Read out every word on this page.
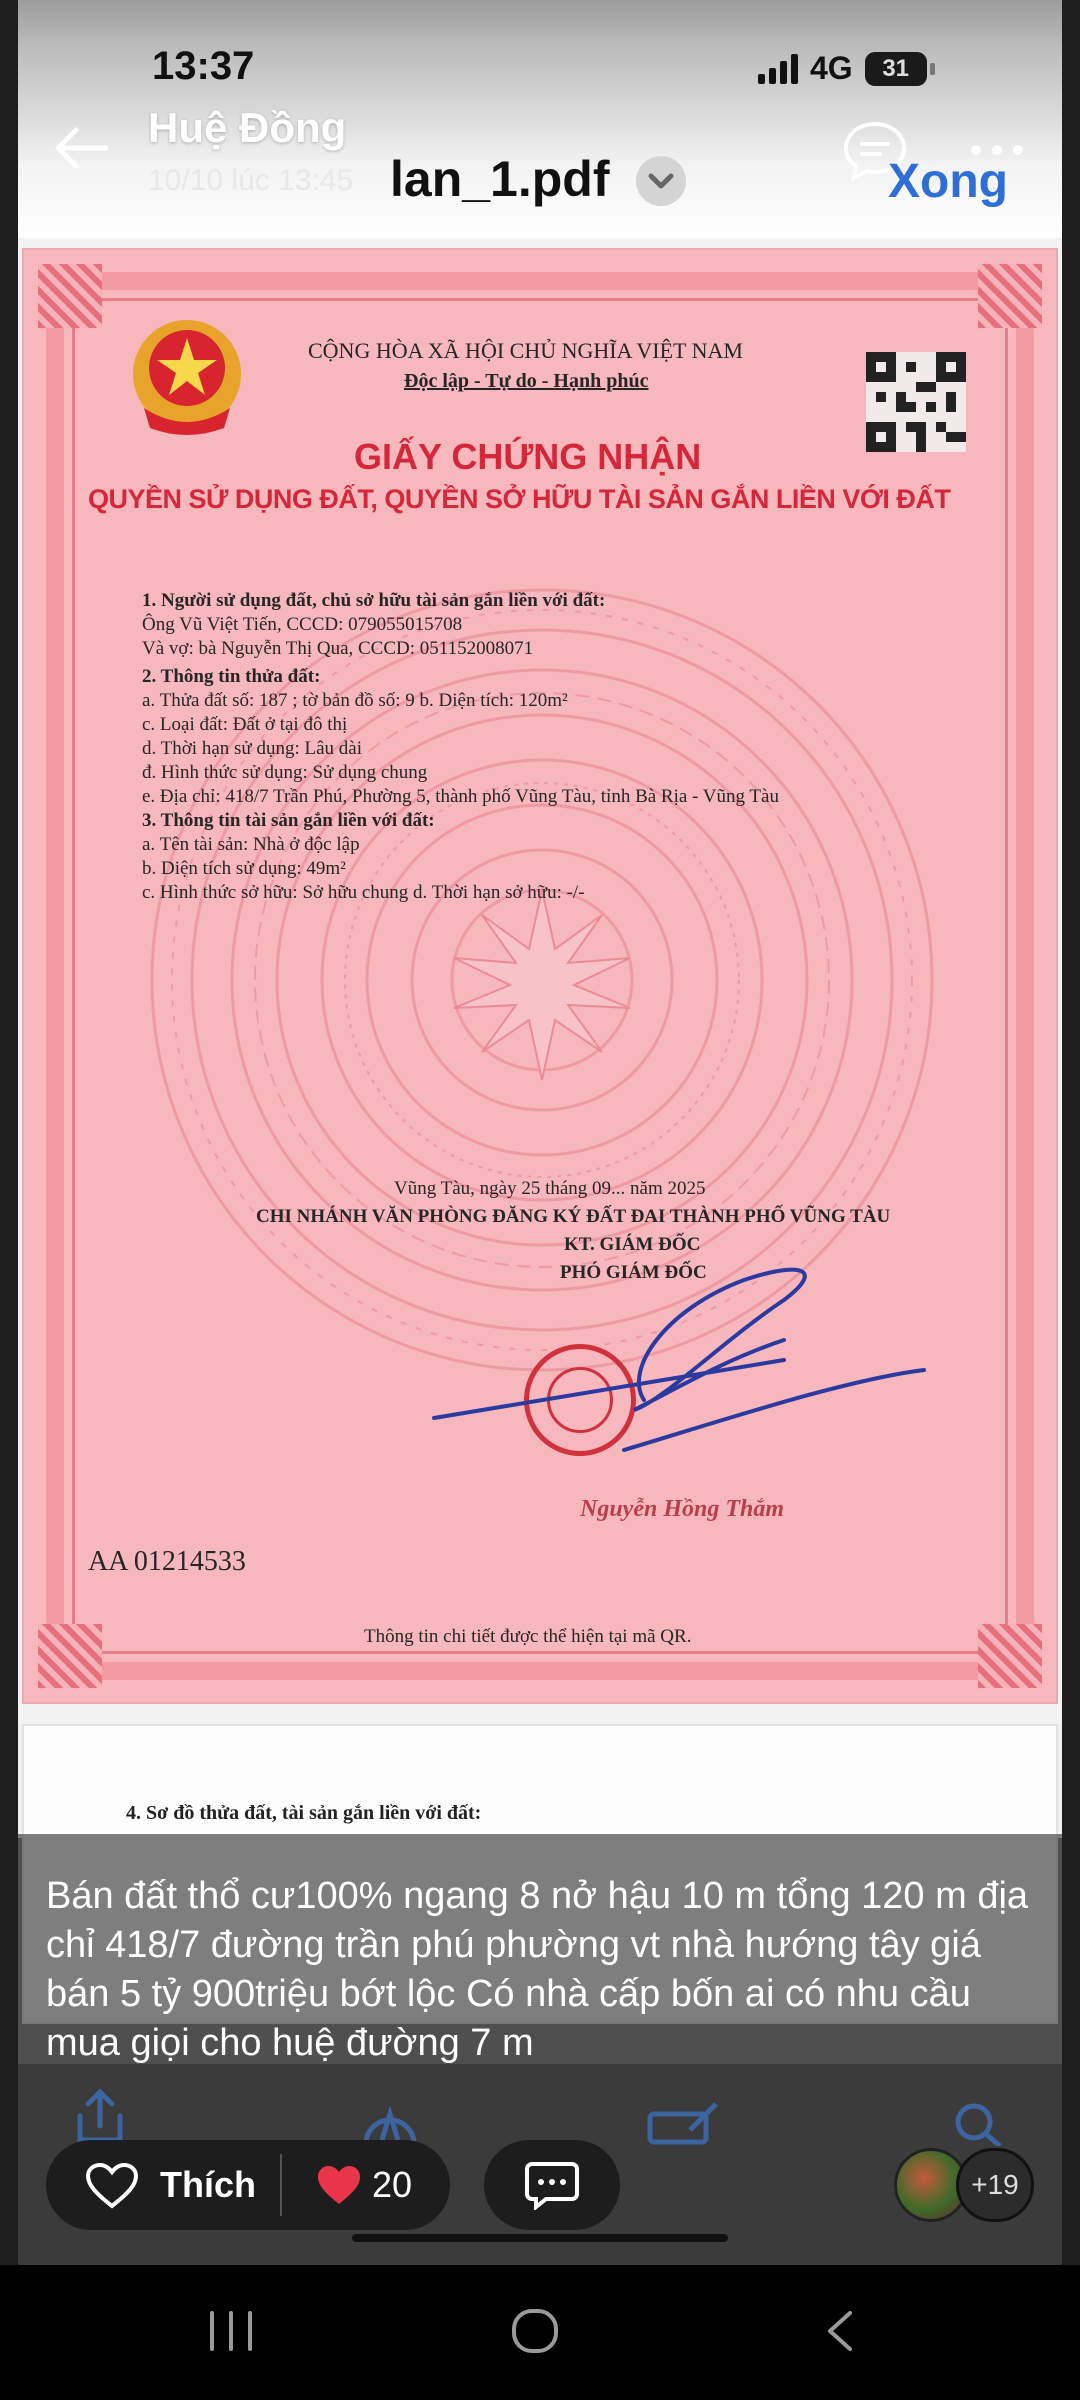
13:37	4G 31
Huệ Đồng
10/10 lúc 13:45 lan_1.pdf	Xong
CỘNG HÒA XÃ HỘI CHỦ NGHĨA VIỆT NAM
Độc lập - Tự do - Hạnh phúc
GIẤY CHỨNG NHẬN
QUYỀN SỬ DỤNG ĐẤT, QUYỀN SỞ HỮU TÀI SẢN GẮN LIỀN VỚI ĐẤT
1. Người sử dụng đất, chủ sở hữu tài sản gắn liền với đất:
Ông Vũ Việt Tiến, CCCD: 079055015708
Và vợ: bà Nguyễn Thị Qua, CCCD: 051152008071
2. Thông tin thửa đất:
a. Thửa đất số: 187 ; tờ bản đồ số: 9 b. Diện tích: 120m²
c. Loại đất: Đất ở tại đô thị
d. Thời hạn sử dụng: Lâu dài
đ. Hình thức sử dụng: Sử dụng chung
e. Địa chỉ: 418/7 Trần Phú, Phường 5, thành phố Vũng Tàu, tỉnh Bà Rịa - Vũng Tàu
3. Thông tin tài sản gắn liền với đất:
a. Tên tài sản: Nhà ở độc lập
b. Diện tích sử dụng: 49m²
c. Hình thức sở hữu: Sở hữu chung d. Thời hạn sở hữu: -/-
Vũng Tàu, ngày 25 tháng 09... năm 2025
CHI NHÁNH VĂN PHÒNG ĐĂNG KÝ ĐẤT ĐAI THÀNH PHỐ VŨNG TÀU
KT. GIÁM ĐỐC
PHÓ GIÁM ĐỐC
Nguyễn Hồng Thắm
AA 01214533
Thông tin chi tiết được thể hiện tại mã QR.
4. Sơ đồ thửa đất, tài sản gắn liền với đất:
Bán đất thổ cư100% ngang 8 nở hậu 10 m tổng 120 m địa chỉ 418/7 đường trần phú phường vt nhà hướng tây giá bán 5 tỷ 900triệu bớt lộc Có nhà cấp bốn ai có nhu cầu mua giọi cho huệ đường 7 m
Thích	20	+19
